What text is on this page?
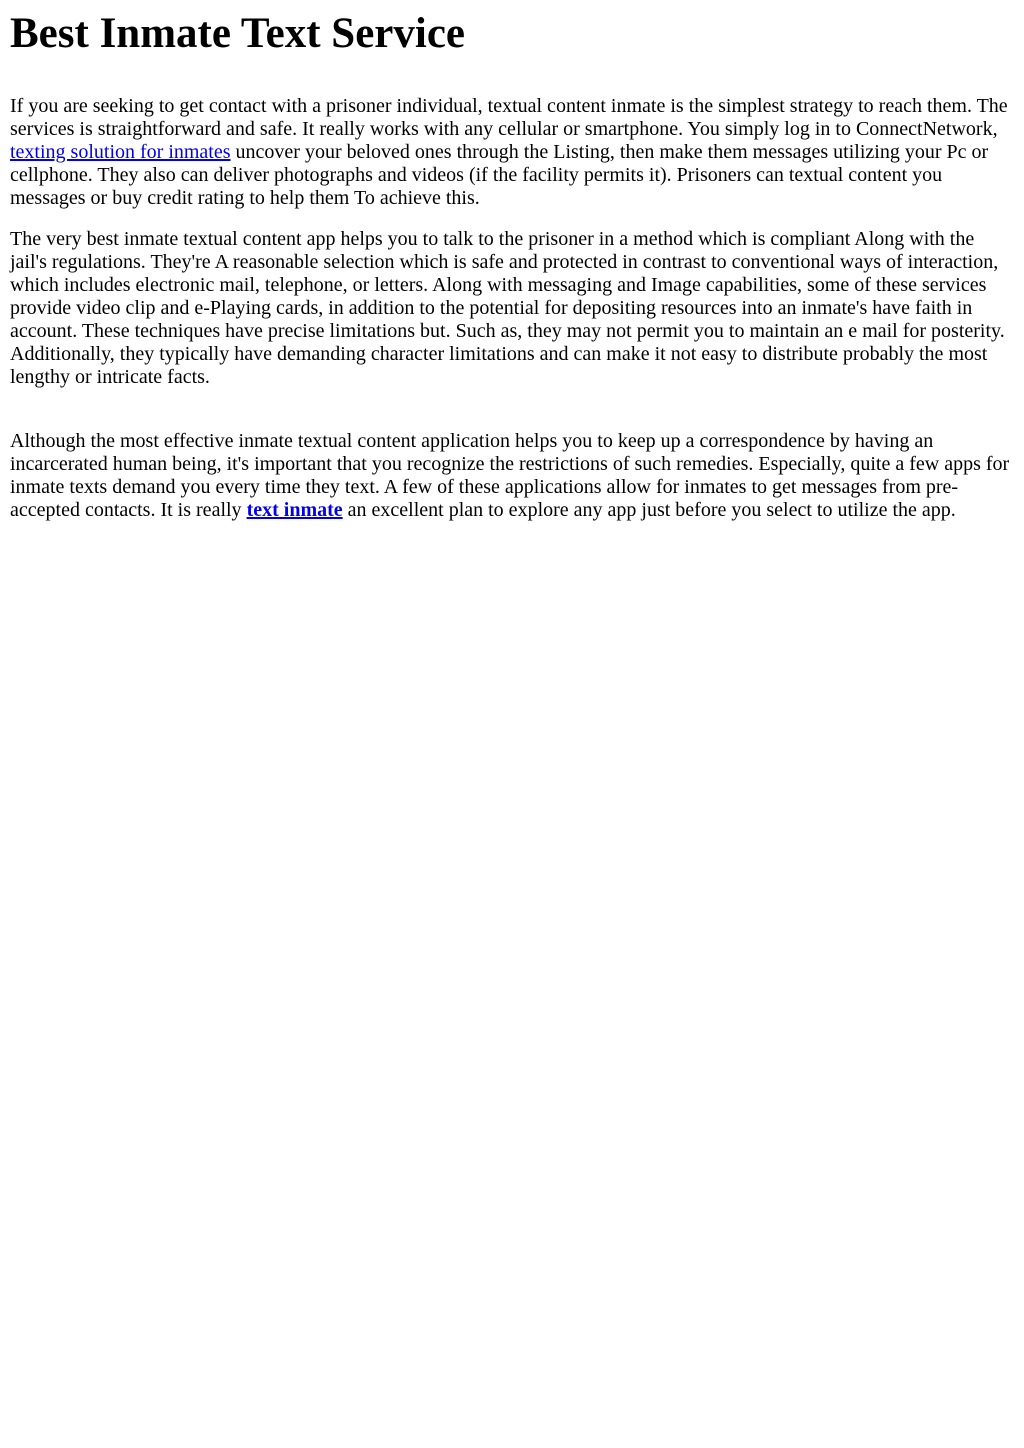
Best Inmate Text Service

If you are seeking to get contact with a prisoner individual, textual content inmate is the simplest strategy to reach them. The services is straightforward and safe. It really works with any cellular or smartphone. You simply log in to ConnectNetwork, texting solution for inmates uncover your beloved ones through the Listing, then make them messages utilizing your Pc or cellphone. They also can deliver photographs and videos (if the facility permits it). Prisoners can textual content you messages or buy credit rating to help them To achieve this.

The very best inmate textual content app helps you to talk to the prisoner in a method which is compliant Along with the jail's regulations. They're A reasonable selection which is safe and protected in contrast to conventional ways of interaction, which includes electronic mail, telephone, or letters. Along with messaging and Image capabilities, some of these services provide video clip and e-Playing cards, in addition to the potential for depositing resources into an inmate's have faith in account. These techniques have precise limitations but. Such as, they may not permit you to maintain an e mail for posterity. Additionally, they typically have demanding character limitations and can make it not easy to distribute probably the most lengthy or intricate facts.

Although the most effective inmate textual content application helps you to keep up a correspondence by having an incarcerated human being, it's important that you recognize the restrictions of such remedies. Especially, quite a few apps for inmate texts demand you every time they text. A few of these applications allow for inmates to get messages from pre-accepted contacts. It is really text inmate an excellent plan to explore any app just before you select to utilize the app.
